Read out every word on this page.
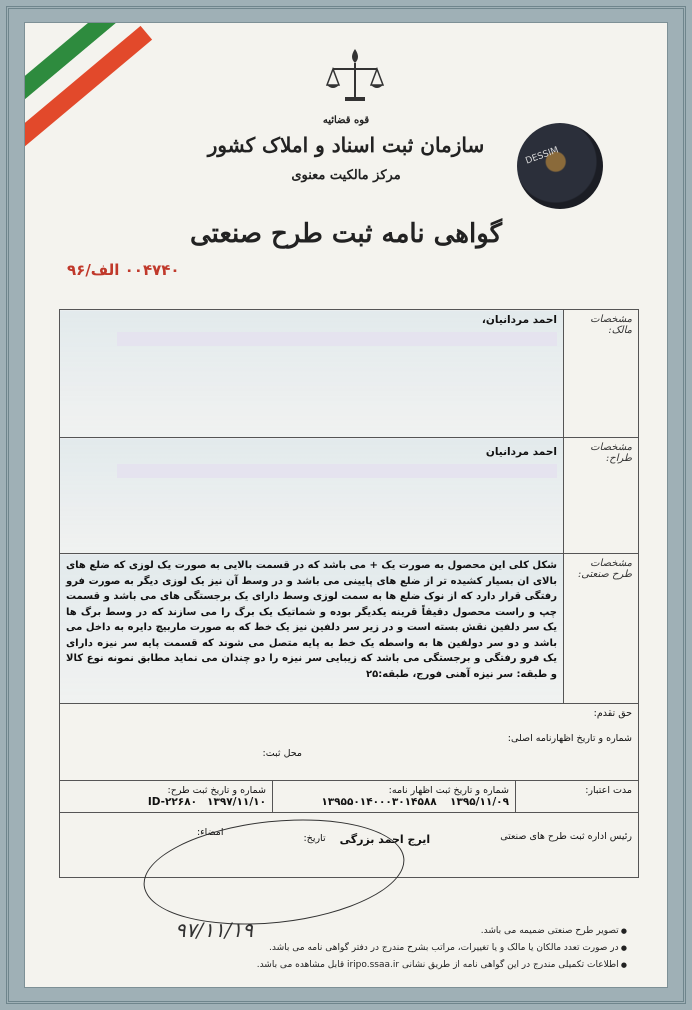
قوه قضائیه
سازمان ثبت اسناد و املاک کشور
مرکز مالکیت معنوی
گواهی نامه ثبت طرح صنعتی
۰۰۴۷۴۰ الف/۹۶
DESSIM
مشخصات مالک:	
احمد مردانیان،

مشخصات طراح:	
احمد مردانیان

مشخصات طرح صنعتی:	
شکل کلی این محصول به صورت یک + می باشد که در قسمت بالایی به صورت یک لوزی که ضلع های بالای ان بسیار کشیده تر از ضلع های پایینی می باشد و در وسط آن نیز یک لوزی دیگر به صورت فرو رفتگی قرار دارد که از نوک ضلع ها به سمت لوزی وسط دارای یک برجستگی های می باشد و قسمت چپ و راست محصول دقیقاً قرینه یکدیگر بوده و شماتیک یک برگ را می سازند که در وسط برگ ها یک سر دلفین نقش بسته است و در زیر سر دلفین نیز یک خط که به صورت ماربیچ دایره به داخل می باشد و دو سر دولفین ها به واسطه یک خط به پایه متصل می شوند که قسمت پایه سر نیزه دارای یک فرو رفتگی و برجستگی می باشد که زیبایی سر نیزه را دو چندان می نماید مطابق نمونه نوع کالا و طبقه: سر نیزه آهنی فورج، طبقه:۲۵

حق تقدم:
شماره و تاریخ اظهارنامه اصلی:
محل ثبت:

مدت اعتبار:	
شماره و تاریخ ثبت اظهار نامه:
۱۳۹۵۵۰۱۴۰۰۰۳۰۱۴۵۸۸ ۱۳۹۵/۱۱/۰۹	
شماره و تاریخ ثبت طرح:
ID-۲۲۶۸۰ ۱۳۹۷/۱۱/۱۰

رئیس اداره ثبت طرح های صنعتی
ایرج احمد بزرگی
تاریخ:
امضاء:
۹۷/۱۱/۱۹
●	تصویر طرح صنعتی ضمیمه می باشد.
● در صورت تعدد مالکان یا مالک و یا تغییرات، مراتب بشرح مندرج در دفتر گواهی نامه می باشد.
● اطلاعات تکمیلی مندرج در این گواهی نامه از طریق نشانی iripo.ssaa.ir قابل مشاهده می باشد.
